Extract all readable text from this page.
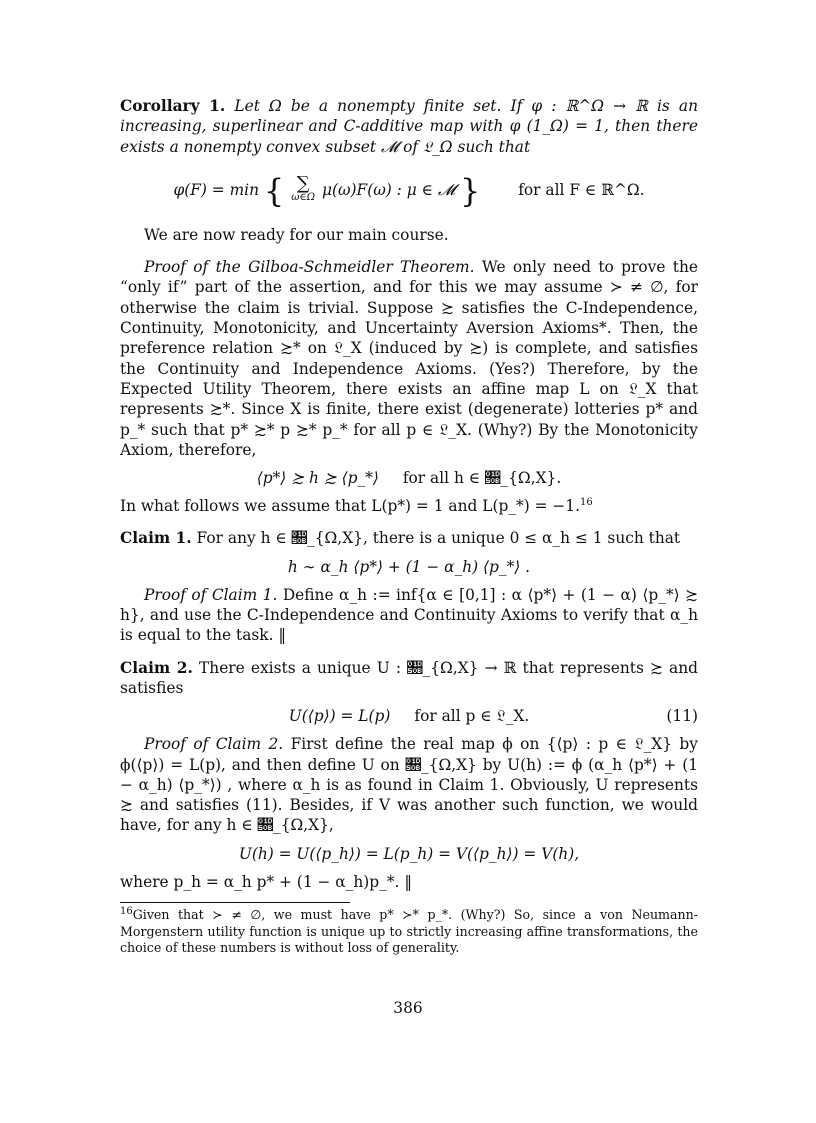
Corollary 1. Let Ω be a nonempty finite set. If φ : ℝ^Ω → ℝ is an increasing, superlinear and C-additive map with φ (1_Ω) = 1, then there exists a nonempty convex subset 𝓜 of 𝔏_Ω such that

φ(F) = min { ∑
ω∈Ω μ(ω)F(ω) : μ ∈ 𝓜 } for all F ∈ ℝ^Ω.

We are now ready for our main course.

Proof of the Gilboa-Schmeidler Theorem. We only need to prove the “only if” part of the assertion, and for this we may assume ≻ ≠ ∅, for otherwise the claim is trivial. Suppose ≿ satisfies the C-Independence, Continuity, Monotonicity, and Uncertainty Aversion Axioms*. Then, the preference relation ≿* on 𝔏_X (induced by ≿) is complete, and satisfies the Continuity and Independence Axioms. (Yes?) Therefore, by the Expected Utility Theorem, there exists an affine map L on 𝔏_X that represents ≿*. Since X is finite, there exist (degenerate) lotteries p* and p_* such that p* ≿* p ≿* p_* for all p ∈ 𝔏_X. (Why?) By the Monotonicity Axiom, therefore,

⟨p*⟩ ≿ h ≿ ⟨p_*⟩ for all h ∈ 𝔋_{Ω,X}.

In what follows we assume that L(p*) = 1 and L(p_*) = −1.16

Claim 1. For any h ∈ 𝔋_{Ω,X}, there is a unique 0 ≤ α_h ≤ 1 such that

h ∼ α_h ⟨p*⟩ + (1 − α_h) ⟨p_*⟩ .

Proof of Claim 1. Define α_h := inf{α ∈ [0,1] : α ⟨p*⟩ + (1 − α) ⟨p_*⟩ ≿ h}, and use the C-Independence and Continuity Axioms to verify that α_h is equal to the task. ‖

Claim 2. There exists a unique U : 𝔋_{Ω,X} → ℝ that represents ≿ and satisfies

U(⟨p⟩) = L(p) for all p ∈ 𝔏_X.	(11)

Proof of Claim 2. First define the real map ϕ on {⟨p⟩ : p ∈ 𝔏_X} by ϕ(⟨p⟩) = L(p), and then define U on 𝔋_{Ω,X} by U(h) := ϕ (α_h ⟨p*⟩ + (1 − α_h) ⟨p_*⟩) , where α_h is as found in Claim 1. Obviously, U represents ≿ and satisfies (11). Besides, if V was another such function, we would have, for any h ∈ 𝔋_{Ω,X},

U(h) = U(⟨p_h⟩) = L(p_h) = V(⟨p_h⟩) = V(h),

where p_h = α_h p* + (1 − α_h)p_*. ‖

$^{16}$Given that ≻ ≠ ∅, we must have p* ≻* p_*. (Why?) So, since a von Neumann-Morgenstern utility function is unique up to strictly increasing affine transformations, the choice of these numbers is without loss of generality.

386
